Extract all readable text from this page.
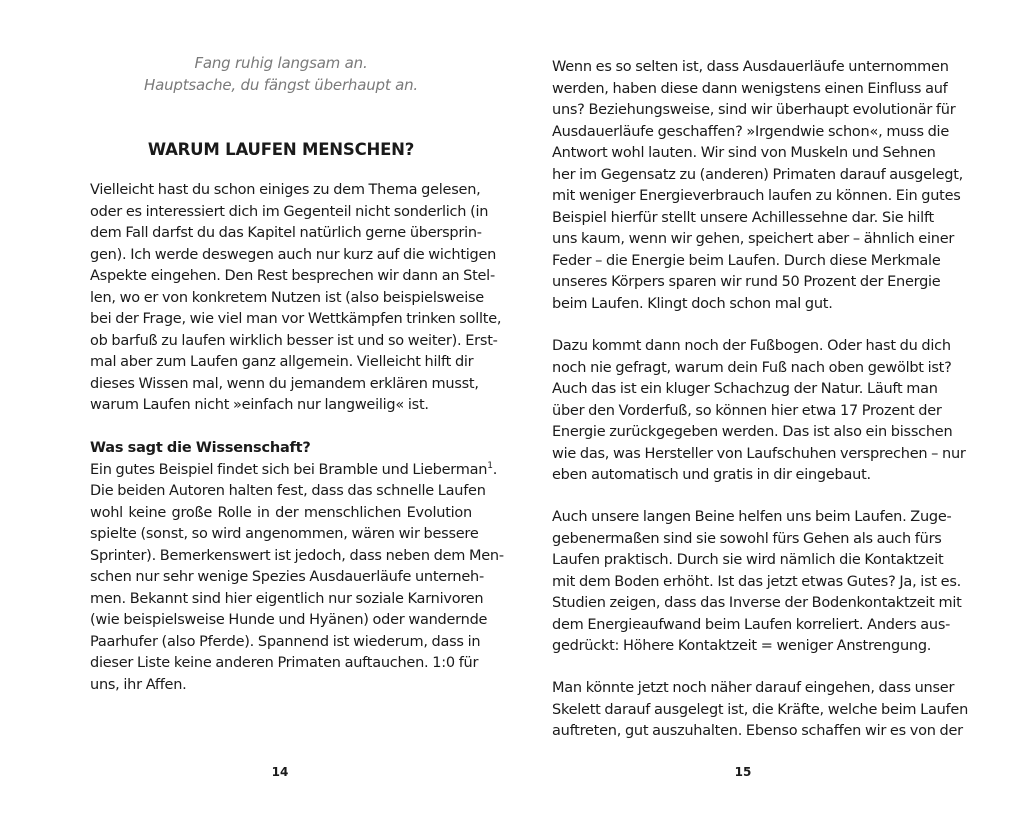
Fang ruhig langsam an.
Hauptsache, du fängst überhaupt an.
WARUM LAUFEN MENSCHEN?
Vielleicht hast du schon einiges zu dem Thema gelesen,
oder es interessiert dich im Gegenteil nicht sonderlich (in
dem Fall darfst du das Kapitel natürlich gerne übersprin-
gen). Ich werde deswegen auch nur kurz auf die wichtigen
Aspekte eingehen. Den Rest besprechen wir dann an Stel-
len, wo er von konkretem Nutzen ist (also beispielsweise
bei der Frage, wie viel man vor Wettkämpfen trinken sollte,
ob barfuß zu laufen wirklich besser ist und so weiter). Erst-
mal aber zum Laufen ganz allgemein. Vielleicht hilft dir
dieses Wissen mal, wenn du jemandem erklären musst,
warum Laufen nicht »einfach nur langweilig« ist.
Was sagt die Wissenschaft?
Ein gutes Beispiel findet sich bei Bramble und Lieberman$^1$.
Die beiden Autoren halten fest, dass das schnelle Laufen
wohl keine große Rolle in der menschlichen Evolution
spielte (sonst, so wird angenommen, wären wir bessere
Sprinter). Bemerkenswert ist jedoch, dass neben dem Men-
schen nur sehr wenige Spezies Ausdauerläufe unterneh-
men. Bekannt sind hier eigentlich nur soziale Karnivoren
(wie beispielsweise Hunde und Hyänen) oder wandernde
Paarhufer (also Pferde). Spannend ist wiederum, dass in
dieser Liste keine anderen Primaten auftauchen. 1:0 für
uns, ihr Affen.
14
Wenn es so selten ist, dass Ausdauerläufe unternommen
werden, haben diese dann wenigstens einen Einfluss auf
uns? Beziehungsweise, sind wir überhaupt evolutionär für
Ausdauerläufe geschaffen? »Irgendwie schon«, muss die
Antwort wohl lauten. Wir sind von Muskeln und Sehnen
her im Gegensatz zu (anderen) Primaten darauf ausgelegt,
mit weniger Energieverbrauch laufen zu können. Ein gutes
Beispiel hierfür stellt unsere Achillessehne dar. Sie hilft
uns kaum, wenn wir gehen, speichert aber – ähnlich einer
Feder – die Energie beim Laufen. Durch diese Merkmale
unseres Körpers sparen wir rund 50 Prozent der Energie
beim Laufen. Klingt doch schon mal gut.
Dazu kommt dann noch der Fußbogen. Oder hast du dich
noch nie gefragt, warum dein Fuß nach oben gewölbt ist?
Auch das ist ein kluger Schachzug der Natur. Läuft man
über den Vorderfuß, so können hier etwa 17 Prozent der
Energie zurückgegeben werden. Das ist also ein bisschen
wie das, was Hersteller von Laufschuhen versprechen – nur
eben automatisch und gratis in dir eingebaut.
Auch unsere langen Beine helfen uns beim Laufen. Zuge-
gebenermaßen sind sie sowohl fürs Gehen als auch fürs
Laufen praktisch. Durch sie wird nämlich die Kontaktzeit
mit dem Boden erhöht. Ist das jetzt etwas Gutes? Ja, ist es.
Studien zeigen, dass das Inverse der Bodenkontaktzeit mit
dem Energieaufwand beim Laufen korreliert. Anders aus-
gedrückt: Höhere Kontaktzeit = weniger Anstrengung.
Man könnte jetzt noch näher darauf eingehen, dass unser
Skelett darauf ausgelegt ist, die Kräfte, welche beim Laufen
auftreten, gut auszuhalten. Ebenso schaffen wir es von der
15
